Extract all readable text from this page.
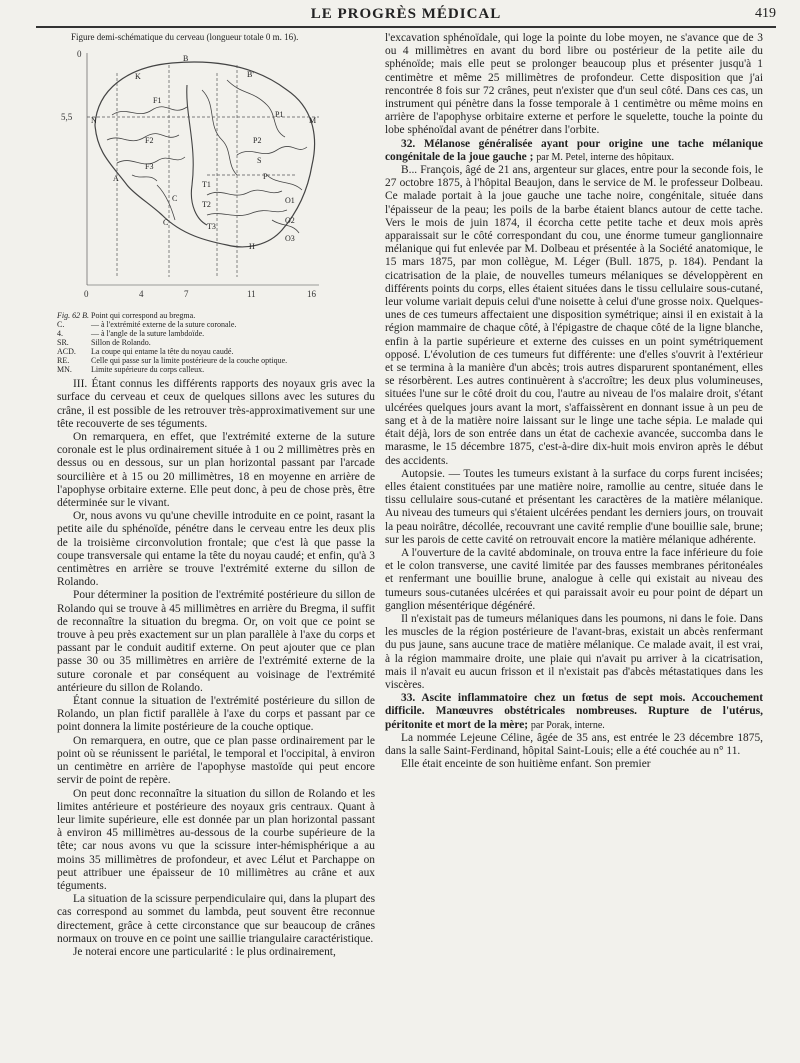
LE PROGRÈS MÉDICAL	419
Figure demi-schématique du cerveau (longueur totale 0 m. 16).
0	4	7	11	16
0
5,5
B
K	B'
N	M
F1
F2
F3
P1
P2
S
P
T1
T2
T3
O1
O2
O3
C
H
A
C
Fig. 62 B. Point qui correspond au bregma.
C.	— à l'extrémité externe de la suture coronale.
4.	— à l'angle de la suture lambdoïde.
SR.	Sillon de Rolando.
ACD. La coupe qui entame la tête du noyau caudé.
RE.	Celle qui passe sur la limite postérieure de la couche optique.
MN. Limite supérieure du corps calleux.

III. Étant connus les différents rapports des noyaux gris avec la surface du cerveau et ceux de quelques sillons avec les sutures du crâne, il est possible de les retrouver très-approximativement sur une tête recouverte de ses téguments.

On remarquera, en effet, que l'extrémité externe de la suture coronale est le plus ordinairement située à 1 ou 2 millimètres près en dessus ou en dessous, sur un plan horizontal passant par l'arcade sourcilière et à 15 ou 20 millimètres, 18 en moyenne en arrière de l'apophyse orbitaire externe. Elle peut donc, à peu de chose près, être déterminée sur le vivant.

Or, nous avons vu qu'une cheville introduite en ce point, rasant la petite aile du sphénoïde, pénétre dans le cerveau entre les deux plis de la troisième circonvolution frontale; que c'est là que passe la coupe transversale qui entame la tête du noyau caudé; et enfin, qu'à 3 centimètres en arrière se trouve l'extrémité externe du sillon de Rolando.

Pour déterminer la position de l'extrémité postérieure du sillon de Rolando qui se trouve à 45 millimètres en arrière du Bregma, il suffit de reconnaître la situation du bregma. Or, on voit que ce point se trouve à peu près exactement sur un plan parallèle à l'axe du corps et passant par le conduit auditif externe. On peut ajouter que ce plan passe 30 ou 35 millimètres en arrière de l'extrémité externe de la suture coronale et par conséquent au voisinage de l'extrémité antérieure du sillon de Rolando.

Étant connue la situation de l'extrémité postérieure du sillon de Rolando, un plan fictif parallèle à l'axe du corps et passant par ce point donnera la limite postérieure de la couche optique.

On remarquera, en outre, que ce plan passe ordinairement par le point où se réunissent le pariétal, le temporal et l'occipital, à environ un centimètre en arrière de l'apophyse mastoïde qui peut encore servir de point de repère.

On peut donc reconnaître la situation du sillon de Rolando et les limites antérieure et postérieure des noyaux gris centraux. Quant à leur limite supérieure, elle est donnée par un plan horizontal passant à environ 45 millimètres au-dessous de la courbe supérieure de la tête; car nous avons vu que la scissure inter-hémisphérique a au moins 35 millimètres de profondeur, et avec Lélut et Parchappe on peut attribuer une épaisseur de 10 millimètres au crâne et aux téguments.

La situation de la scissure perpendiculaire qui, dans la plupart des cas correspond au sommet du lambda, peut souvent être reconnue directement, grâce à cette circonstance que sur beaucoup de crânes normaux on trouve en ce point une saillie triangulaire caractéristique.

Je noterai encore une particularité : le plus ordinairement,

l'excavation sphénoïdale, qui loge la pointe du lobe moyen, ne s'avance que de 3 ou 4 millimètres en avant du bord libre ou postérieur de la petite aile du sphénoïde; mais elle peut se prolonger beaucoup plus et présenter jusqu'à 1 centimètre et même 25 millimètres de profondeur. Cette disposition que j'ai rencontrée 8 fois sur 72 crânes, peut n'exister que d'un seul côté. Dans ces cas, un instrument qui pénètre dans la fosse temporale à 1 centimètre ou même moins en arrière de l'apophyse orbitaire externe et perfore le squelette, touche la pointe du lobe sphénoïdal avant de pénétrer dans l'orbite.

32. Mélanose généralisée ayant pour origine une tache mélanique congénitale de la joue gauche ; par M. Petel, interne des hôpitaux.

B... François, âgé de 21 ans, argenteur sur glaces, entre pour la seconde fois, le 27 octobre 1875, à l'hôpital Beaujon, dans le service de M. le professeur Dolbeau. Ce malade portait à la joue gauche une tache noire, congénitale, située dans l'épaisseur de la peau; les poils de la barbe étaient blancs autour de cette tache. Vers le mois de juin 1874, il écorcha cette petite tache et deux mois après apparaissait sur le côté correspondant du cou, une énorme tumeur ganglionnaire mélanique qui fut enlevée par M. Dolbeau et présentée à la Société anatomique, le 15 mars 1875, par mon collègue, M. Léger (Bull. 1875, p. 184). Pendant la cicatrisation de la plaie, de nouvelles tumeurs mélaniques se développèrent en différents points du corps, elles étaient situées dans le tissu cellulaire sous-cutané, leur volume variait depuis celui d'une noisette à celui d'une grosse noix. Quelques-unes de ces tumeurs affectaient une disposition symétrique; ainsi il en existait à la région mammaire de chaque côté, à l'épigastre de chaque côté de la ligne blanche, enfin à la partie supérieure et externe des cuisses en un point symétriquement opposé. L'évolution de ces tumeurs fut différente: une d'elles s'ouvrit à l'extérieur et se termina à la manière d'un abcès; trois autres disparurent spontanément, elles se résorbèrent. Les autres continuèrent à s'accroître; les deux plus volumineuses, situées l'une sur le côté droit du cou, l'autre au niveau de l'os malaire droit, s'étant ulcérées quelques jours avant la mort, s'affaissèrent en donnant issue à un peu de sang et à de la matière noire laissant sur le linge une tache sépia. Le malade qui était déjà, lors de son entrée dans un état de cachexie avancée, succomba dans le marasme, le 15 décembre 1875, c'est-à-dire dix-huit mois environ après le début des accidents.

Autopsie. — Toutes les tumeurs existant à la surface du corps furent incisées; elles étaient constituées par une matière noire, ramollie au centre, située dans le tissu cellulaire sous-cutané et présentant les caractères de la matière mélanique. Au niveau des tumeurs qui s'étaient ulcérées pendant les derniers jours, on trouvait la peau noirâtre, décollée, recouvrant une cavité remplie d'une bouillie sale, brune; sur les parois de cette cavité on retrouvait encore la matière mélanique adhérente.

A l'ouverture de la cavité abdominale, on trouva entre la face inférieure du foie et le colon transverse, une cavité limitée par des fausses membranes péritonéales et renfermant une bouillie brune, analogue à celle qui existait au niveau des tumeurs sous-cutanées ulcérées et qui paraissait avoir eu pour point de départ un ganglion mésentérique dégénéré.

Il n'existait pas de tumeurs mélaniques dans les poumons, ni dans le foie. Dans les muscles de la région postérieure de l'avant-bras, existait un abcès renfermant du pus jaune, sans aucune trace de matière mélanique. Ce malade avait, il est vrai, à la région mammaire droite, une plaie qui n'avait pu arriver à la cicatrisation, mais il n'avait eu aucun frisson et il n'existait pas d'abcès métastatiques dans les viscères.

33. Ascite inflammatoire chez un fœtus de sept mois. Accouchement difficile. Manœuvres obstétricales nombreuses. Rupture de l'utérus, péritonite et mort de la mère; par Porak, interne.

La nommée Lejeune Céline, âgée de 35 ans, est entrée le 23 décembre 1875, dans la salle Saint-Ferdinand, hôpital Saint-Louis; elle a été couchée au n° 11.

Elle était enceinte de son huitième enfant. Son premier
